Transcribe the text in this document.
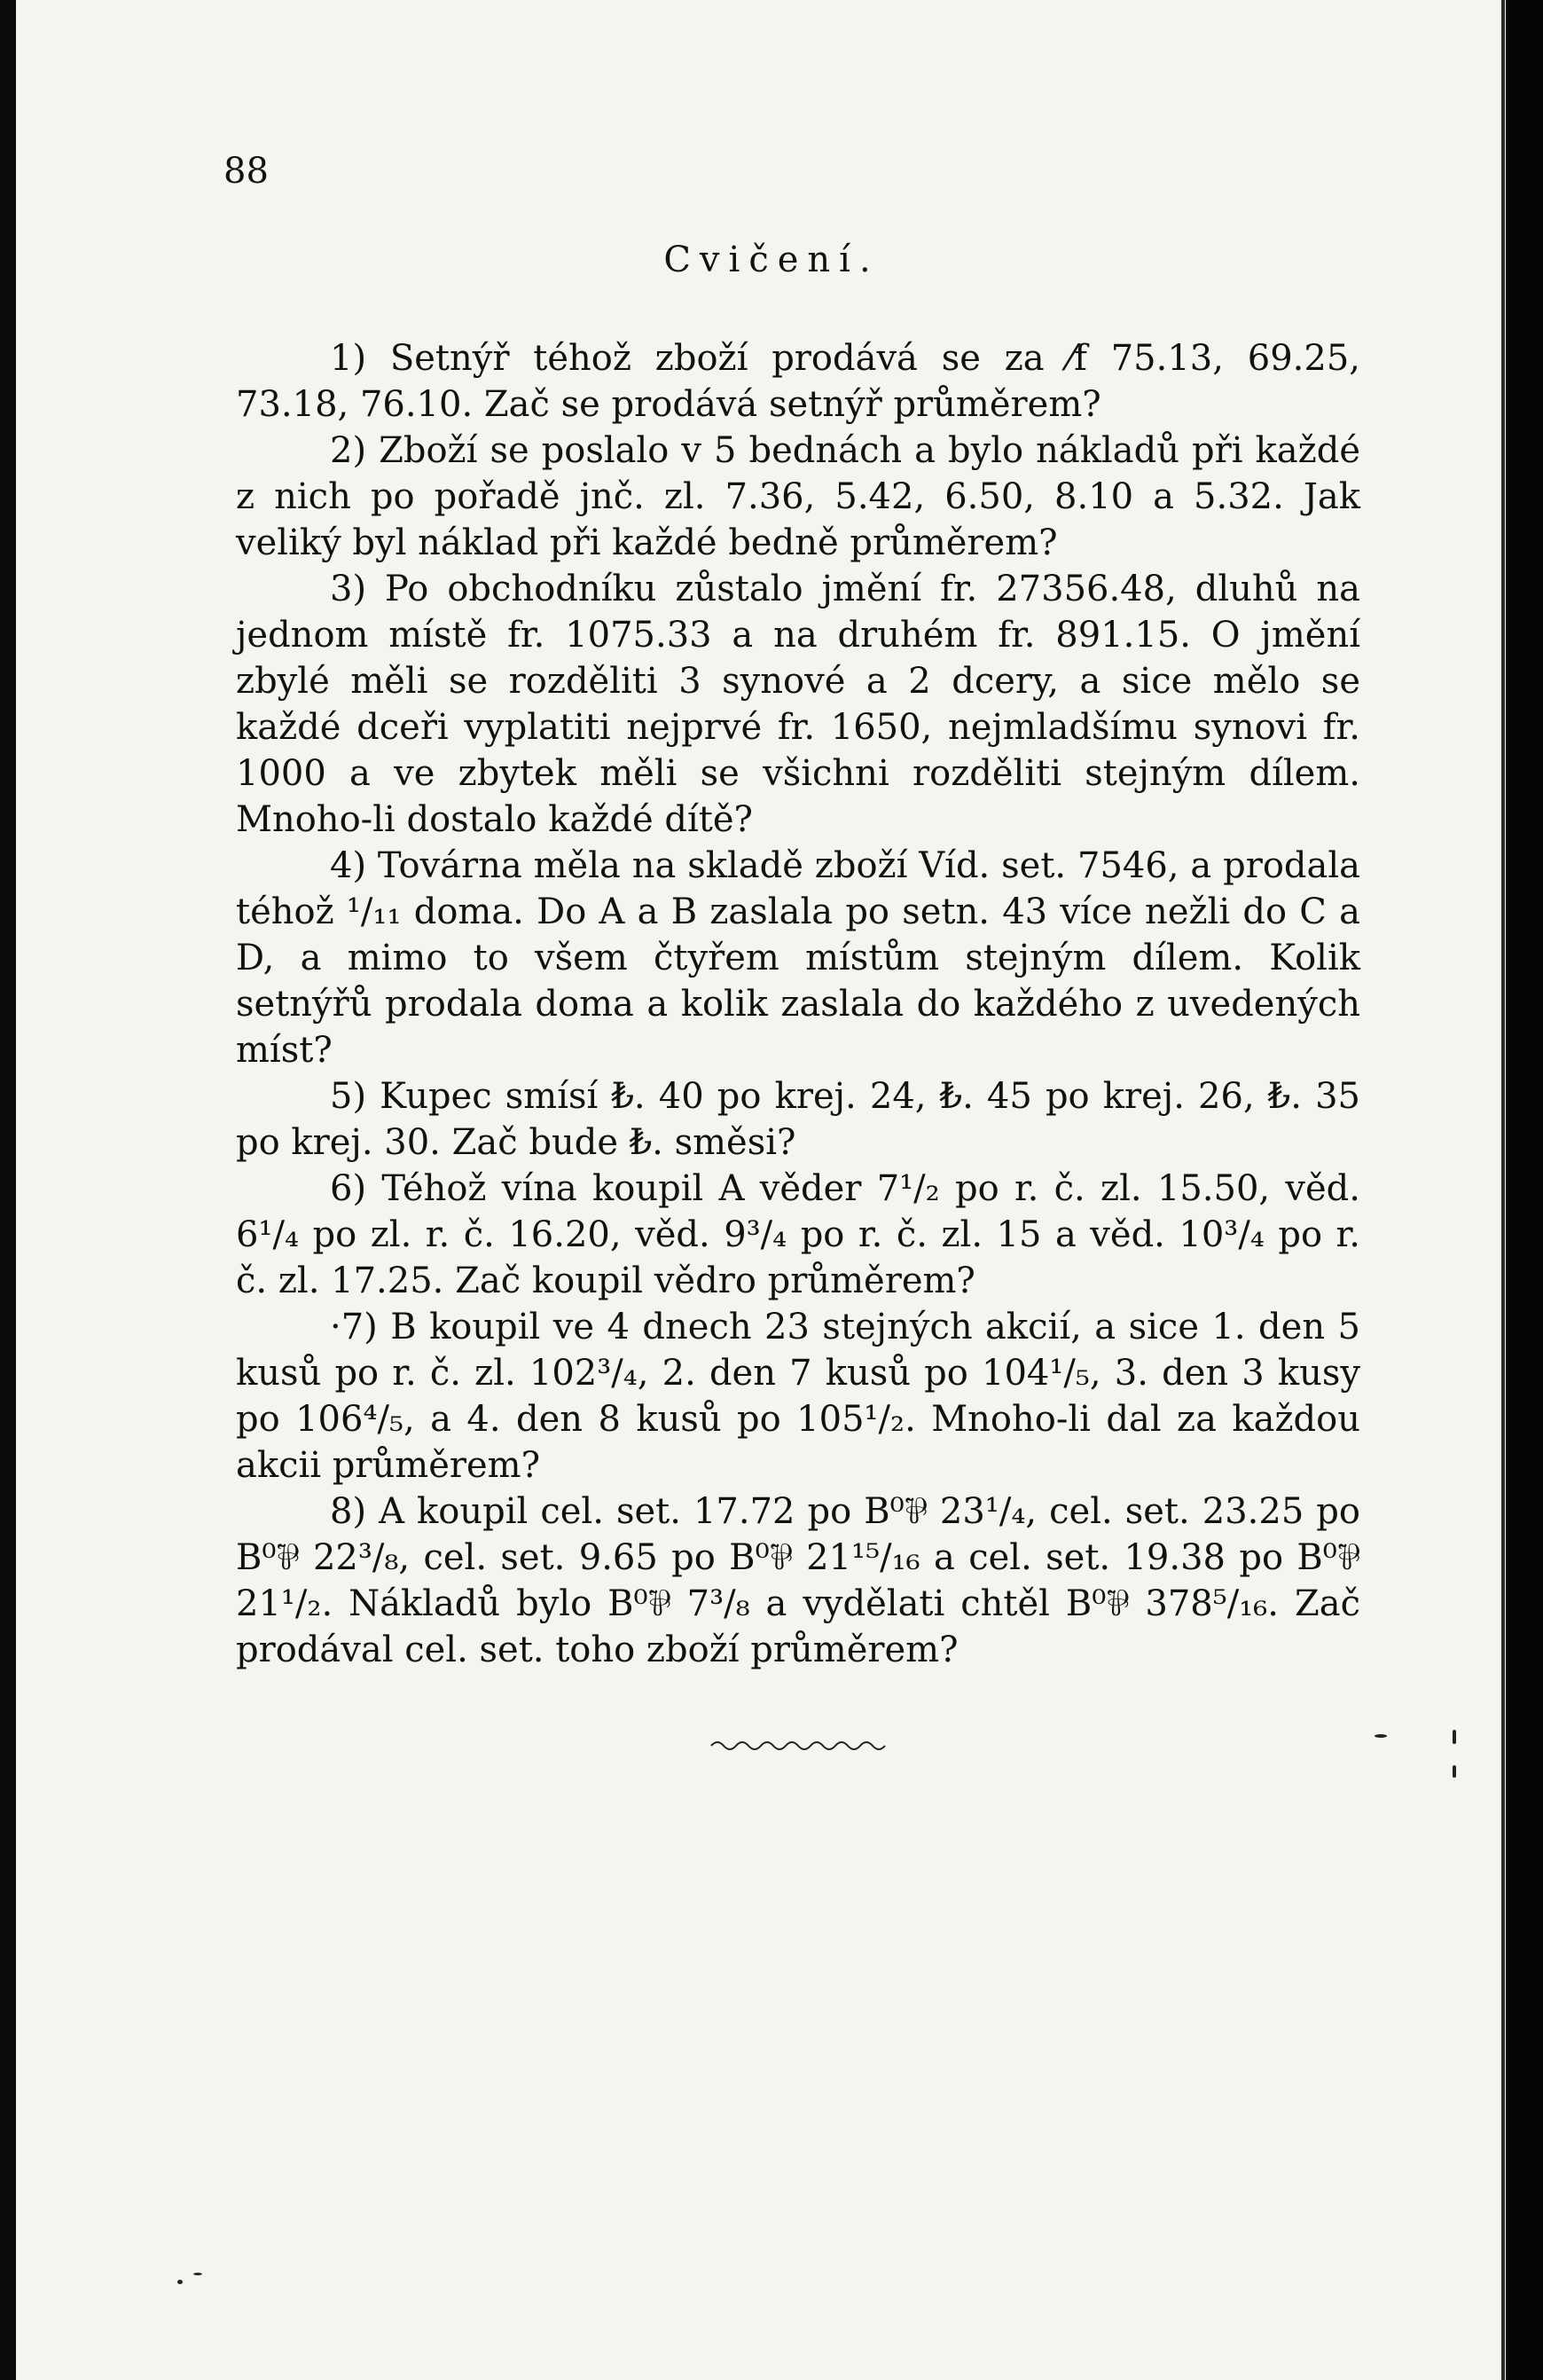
88
Cvičení.

1) Setnýř téhož zboží prodává se za ⁄f 75.13, 69.25, 73.18, 76.10. Zač se prodává setnýř průměrem?

2) Zboží se poslalo v 5 bednách a bylo nákladů při každé z nich po pořadě jnč. zl. 7.36, 5.42, 6.50, 8.10 a 5.32. Jak veliký byl náklad při každé bedně průměrem?

3) Po obchodníku zůstalo jmění fr. 27356.48, dluhů na jednom místě fr. 1075.33 a na druhém fr. 891.15. O jmění zbylé měli se rozděliti 3 synové a 2 dcery, a sice mělo se každé dceři vyplatiti nejprvé fr. 1650, nejmladšímu synovi fr. 1000 a ve zbytek měli se všichni rozděliti stejným dílem. Mnoho-li dostalo každé dítě?

4) Továrna měla na skladě zboží Víd. set. 7546, a prodala téhož ¹/₁₁ doma. Do A a B zaslala po setn. 43 více nežli do C a D, a mimo to všem čtyřem místům stejným dílem. Kolik setnýřů prodala doma a kolik zaslala do každého z uvedených míst?

5) Kupec smísí ₺. 40 po krej. 24, ₺. 45 po krej. 26, ₺. 35 po krej. 30. Zač bude ₺. směsi?

6) Téhož vína koupil A věder 7¹/₂ po r. č. zl. 15.50, věd. 6¹/₄ po zl. r. č. 16.20, věd. 9³/₄ po r. č. zl. 15 a věd. 10³/₄ po r. č. zl. 17.25. Zač koupil vědro průměrem?

·7) B koupil ve 4 dnech 23 stejných akcií, a sice 1. den 5 kusů po r. č. zl. 102³/₄, 2. den 7 kusů po 104¹/₅, 3. den 3 kusy po 106⁴/₅, a 4. den 8 kusů po 105¹/₂. Mnoho-li dal za každou akcii průměrem?

8) A koupil cel. set. 17.72 po B⁰⅌ 23¹/₄, cel. set. 23.25 po B⁰⅌ 22³/₈, cel. set. 9.65 po B⁰⅌ 21¹⁵/₁₆ a cel. set. 19.38 po B⁰⅌ 21¹/₂. Nákladů bylo B⁰⅌ 7³/₈ a vydělati chtěl B⁰⅌ 378⁵/₁₆. Zač prodával cel. set. toho zboží průměrem?
